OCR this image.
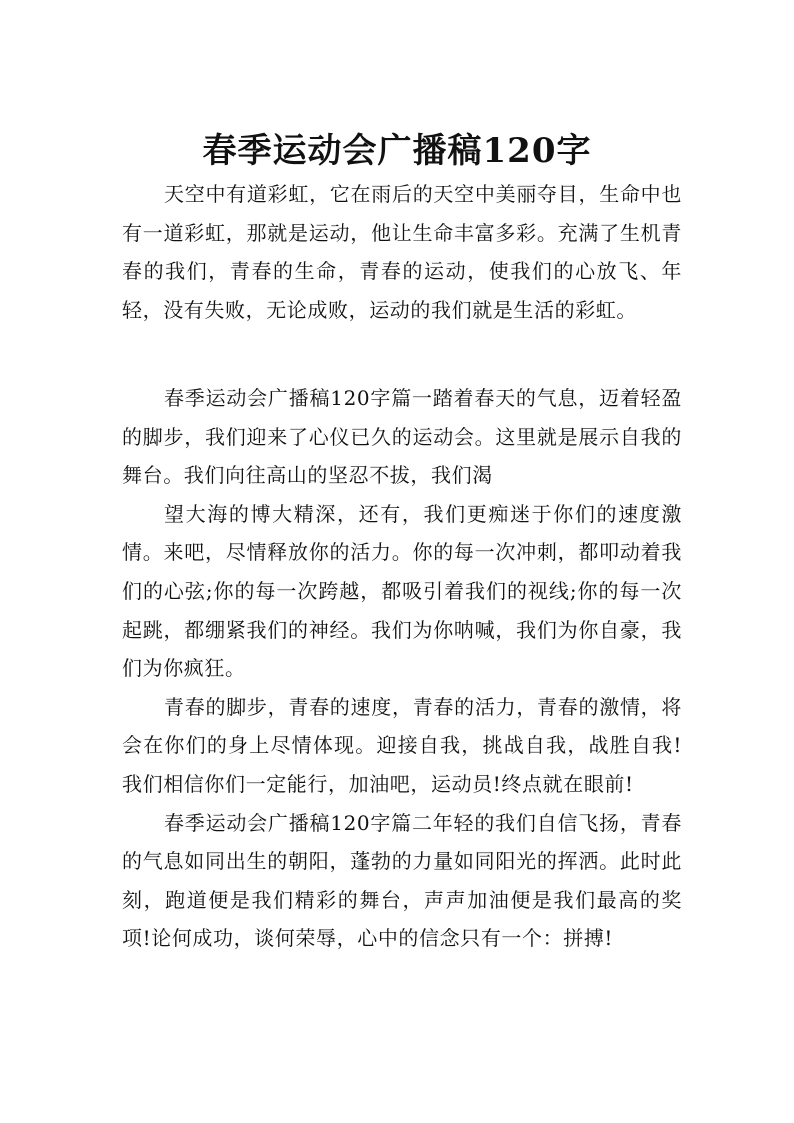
春季运动会广播稿120字

天空中有道彩虹，它在雨后的天空中美丽夺目，生命中也有一道彩虹，那就是运动，他让生命丰富多彩。充满了生机青春的我们，青春的生命，青春的运动，使我们的心放飞、年轻，没有失败，无论成败，运动的我们就是生活的彩虹。

春季运动会广播稿120字篇一踏着春天的气息，迈着轻盈的脚步，我们迎来了心仪已久的运动会。这里就是展示自我的舞台。我们向往高山的坚忍不拔，我们渴

望大海的博大精深，还有，我们更痴迷于你们的速度激情。来吧，尽情释放你的活力。你的每一次冲刺，都叩动着我们的心弦;你的每一次跨越，都吸引着我们的视线;你的每一次起跳，都绷紧我们的神经。我们为你呐喊，我们为你自豪，我们为你疯狂。

青春的脚步，青春的速度，青春的活力，青春的激情，将会在你们的身上尽情体现。迎接自我，挑战自我，战胜自我!我们相信你们一定能行，加油吧，运动员!终点就在眼前!

春季运动会广播稿120字篇二年轻的我们自信飞扬，青春的气息如同出生的朝阳，蓬勃的力量如同阳光的挥洒。此时此刻，跑道便是我们精彩的舞台，声声加油便是我们最高的奖项!论何成功，谈何荣辱，心中的信念只有一个：拼搏!
